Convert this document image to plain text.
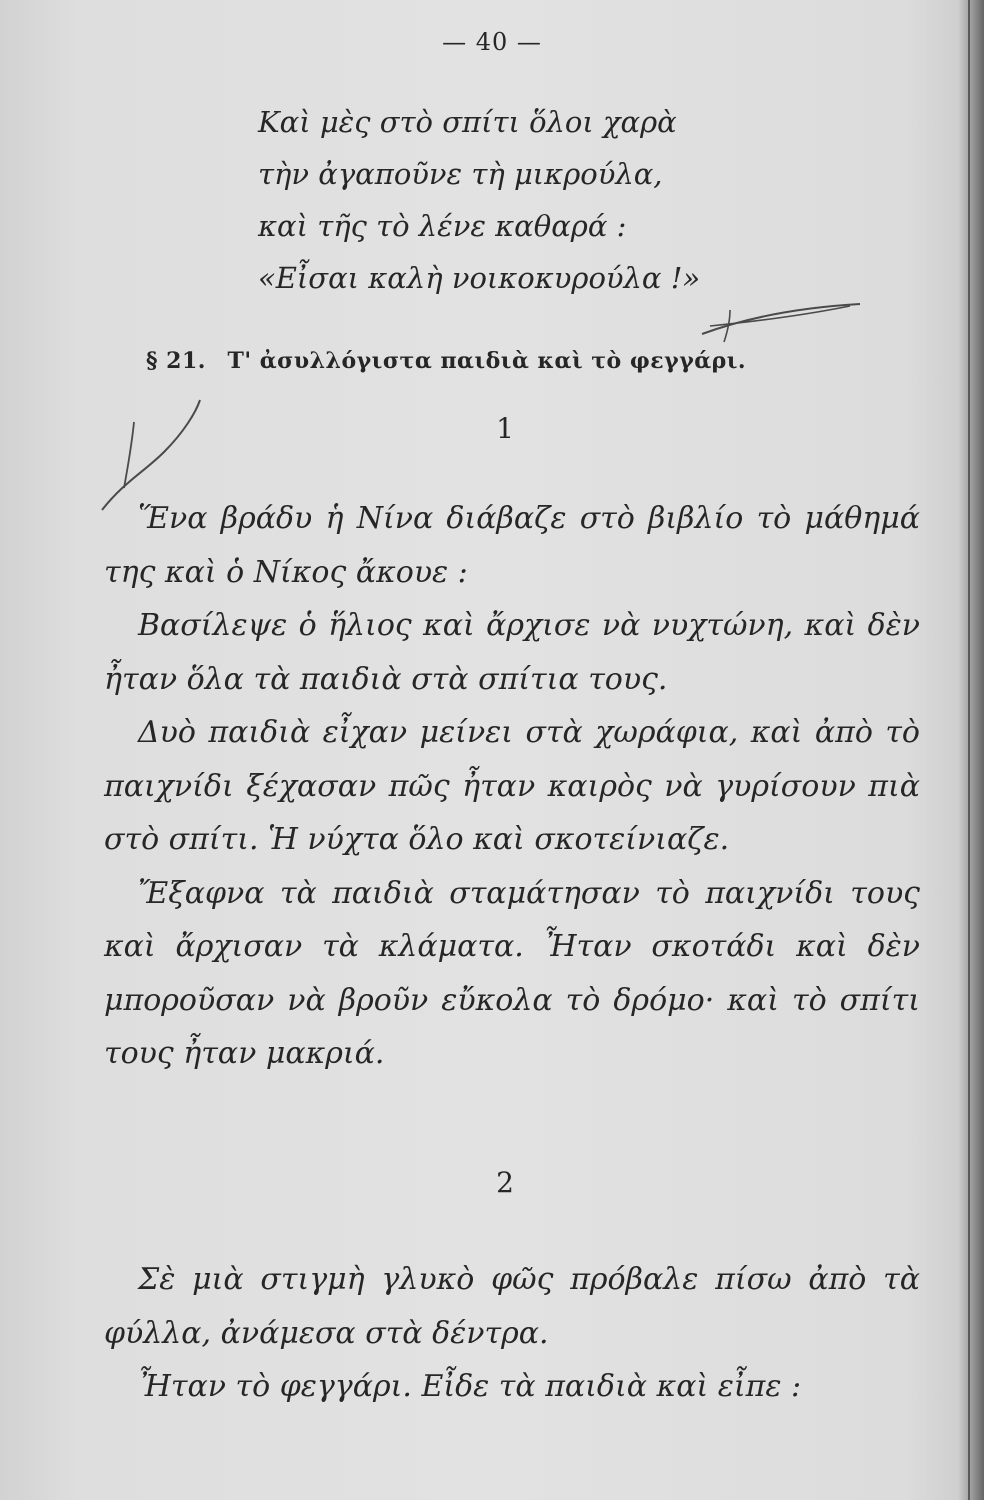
— 40 —
Καὶ μὲς στὸ σπίτι ὅλοι χαρὰ
τὴν ἀγαποῦνε τὴ μικρούλα,
καὶ τῆς τὸ λένε καθαρά :
«Εἶσαι καλὴ νοικοκυρούλα !»
§ 21. Τ' ἀσυλλόγιστα παιδιὰ καὶ τὸ φεγγάρι.
1

Ἕνα βράδυ ἡ Νίνα διάβαζε στὸ βιβλίο τὸ μάθημά της καὶ ὁ Νίκος ἄκουε :

Βασίλεψε ὁ ἥλιος καὶ ἄρχισε νὰ νυχτώνη, καὶ δὲν ἦταν ὅλα τὰ παιδιὰ στὰ σπίτια τους.

Δυὸ παιδιὰ εἶχαν μείνει στὰ χωράφια, καὶ ἀπὸ τὸ παιχνίδι ξέχασαν πῶς ἦταν καιρὸς νὰ γυρίσουν πιὰ στὸ σπίτι. Ἡ νύχτα ὅλο καὶ σκοτείνιαζε.

Ἔξαφνα τὰ παιδιὰ σταμάτησαν τὸ παιχνίδι τους καὶ ἄρχισαν τὰ κλάματα. Ἦταν σκοτάδι καὶ δὲν μποροῦσαν νὰ βροῦν εὔκολα τὸ δρόμο· καὶ τὸ σπίτι τους ἦταν μακριά.

2

Σὲ μιὰ στιγμὴ γλυκὸ φῶς πρόβαλε πίσω ἀπὸ τὰ φύλλα, ἀνάμεσα στὰ δέντρα.

Ἦταν τὸ φεγγάρι. Εἶδε τὰ παιδιὰ καὶ εἶπε :
